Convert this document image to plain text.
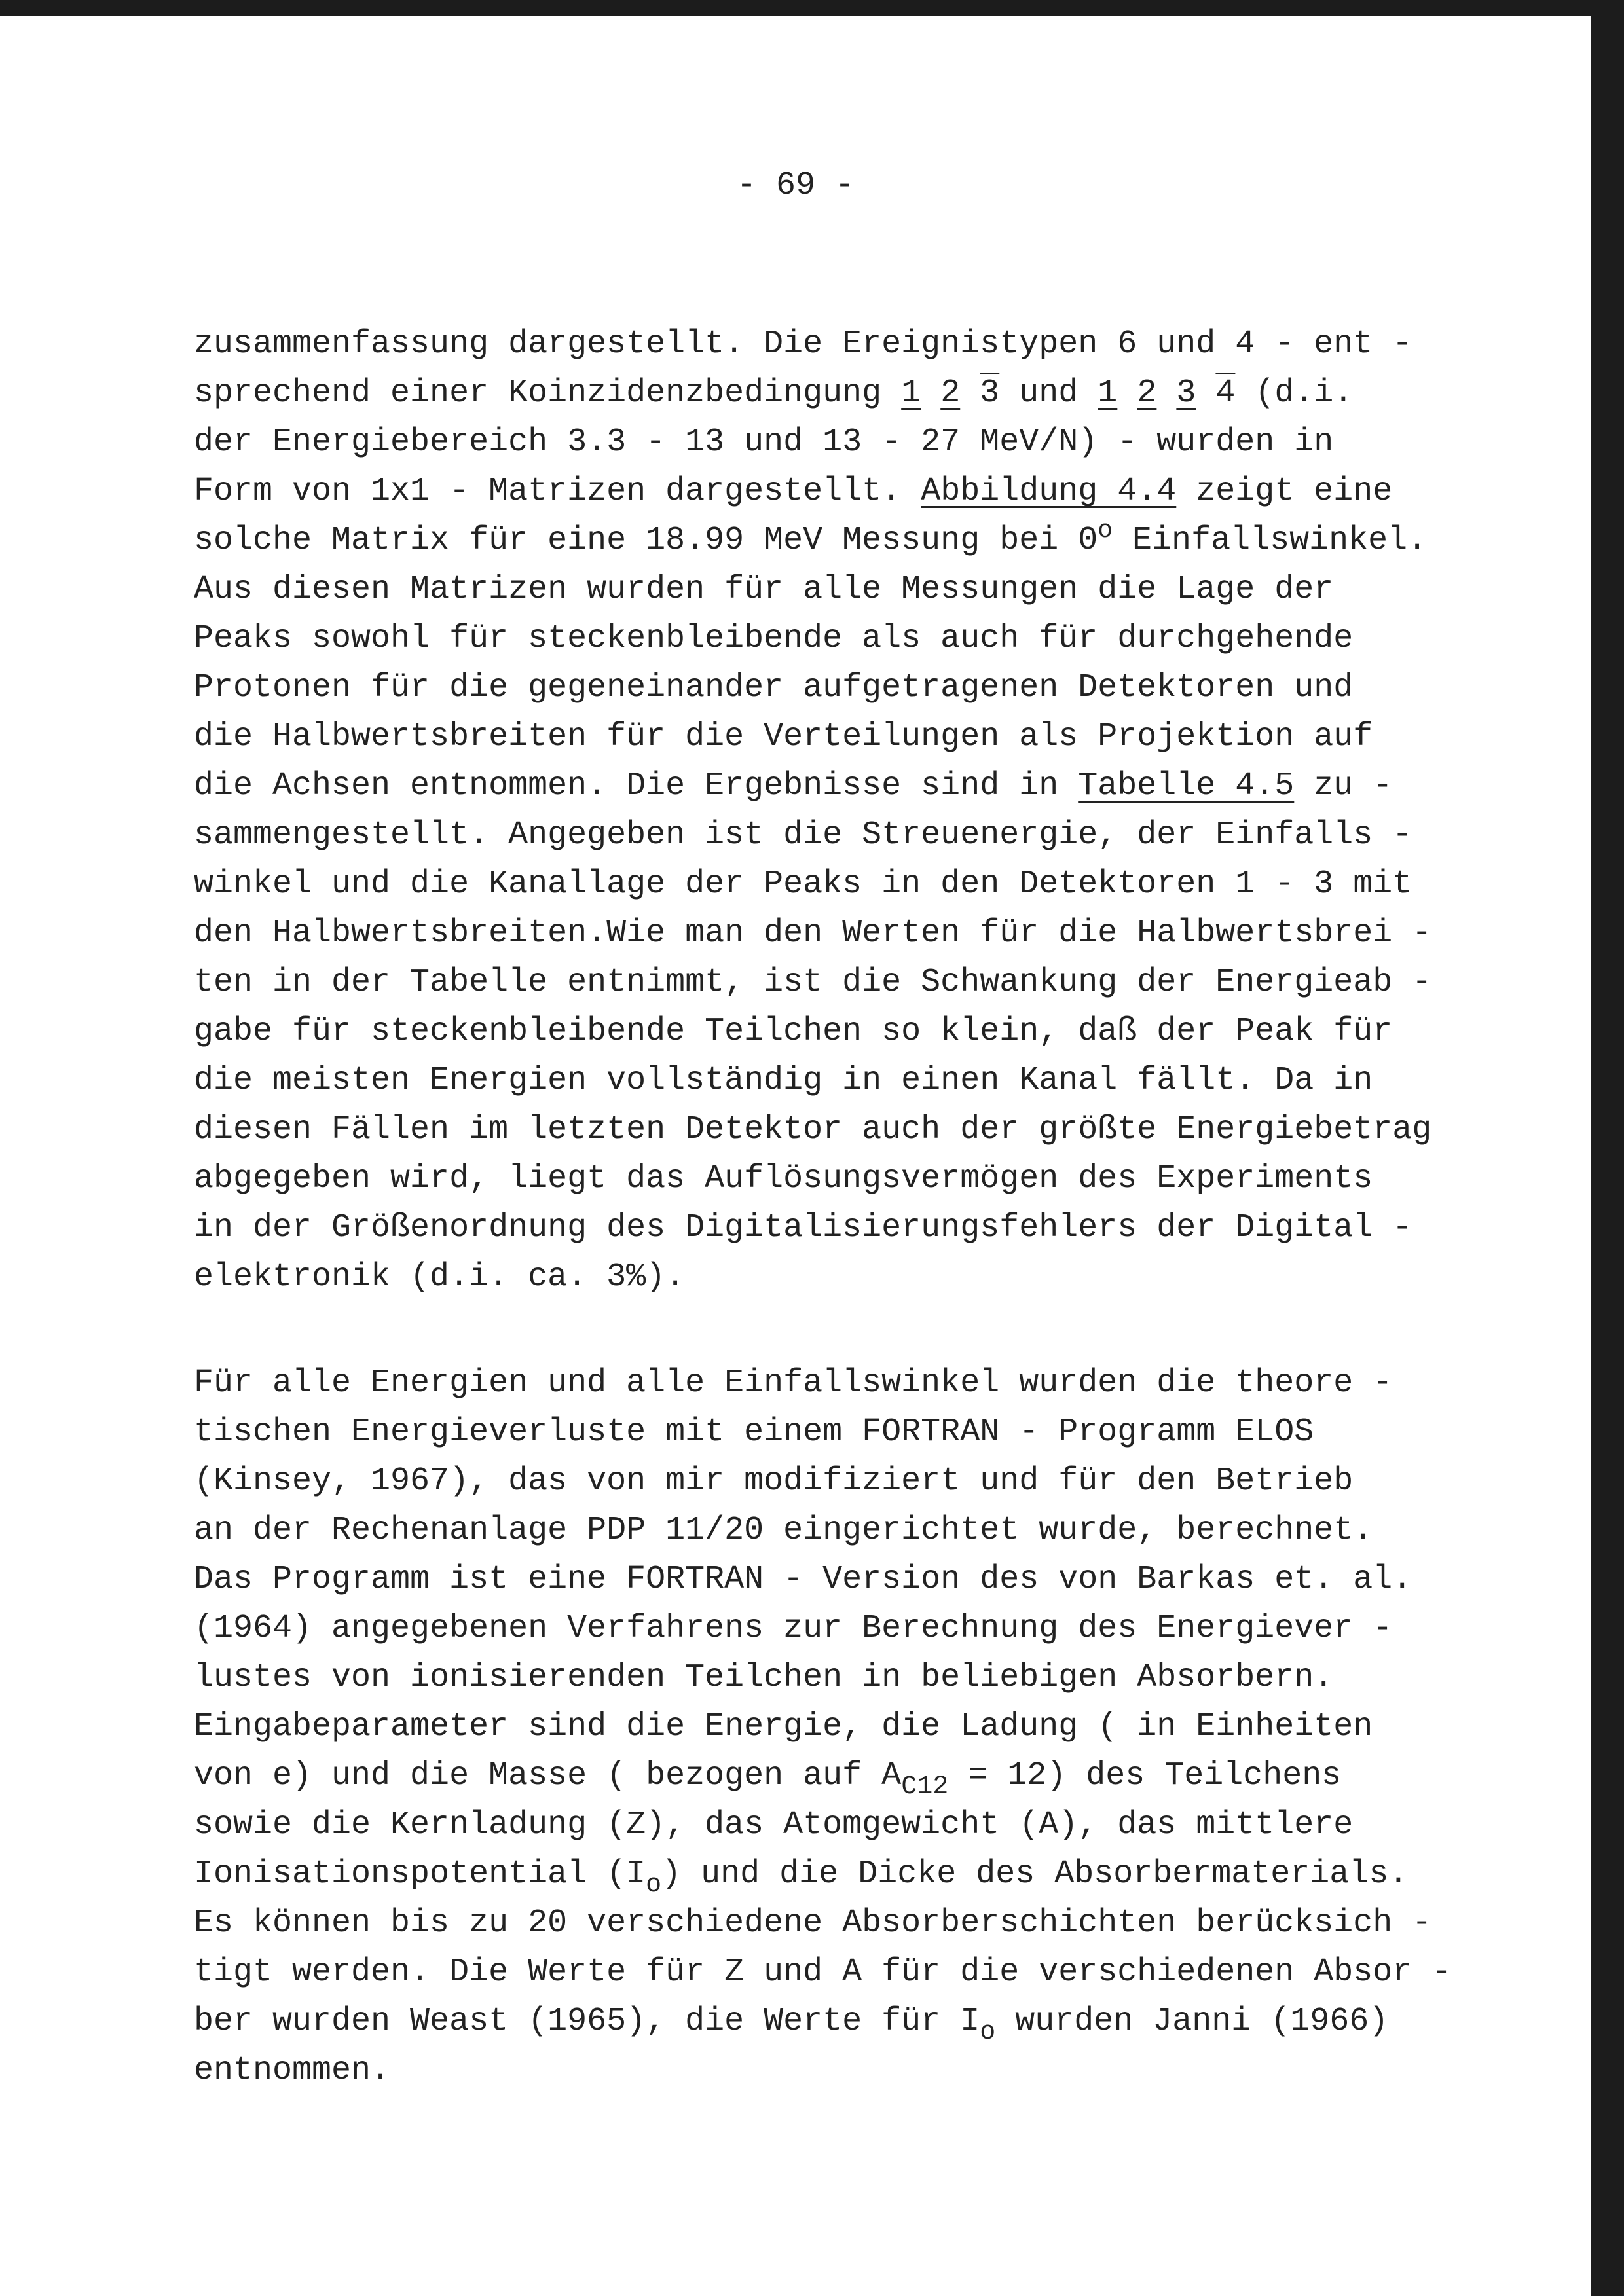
- 69 -
zusammenfassung dargestellt. Die Ereignistypen 6 und 4 - ent -
sprechend einer Koinzidenzbedingung 1 2 3 und 1 2 3 4 (d.i.
der Energiebereich 3.3 - 13 und 13 - 27 MeV/N) - wurden in
Form von 1x1 - Matrizen dargestellt. Abbildung 4.4 zeigt eine
solche Matrix für eine 18.99 MeV Messung bei 0$^o$ Einfallswinkel.
Aus diesen Matrizen wurden für alle Messungen die Lage der
Peaks sowohl für steckenbleibende als auch für durchgehende
Protonen für die gegeneinander aufgetragenen Detektoren und
die Halbwertsbreiten für die Verteilungen als Projektion auf
die Achsen entnommen. Die Ergebnisse sind in Tabelle 4.5 zu -
sammengestellt. Angegeben ist die Streuenergie, der Einfalls -
winkel und die Kanallage der Peaks in den Detektoren 1 - 3 mit
den Halbwertsbreiten.Wie man den Werten für die Halbwertsbrei -
ten in der Tabelle entnimmt, ist die Schwankung der Energieab -
gabe für steckenbleibende Teilchen so klein, daß der Peak für
die meisten Energien vollständig in einen Kanal fällt. Da in
diesen Fällen im letzten Detektor auch der größte Energiebetrag
abgegeben wird, liegt das Auflösungsvermögen des Experiments
in der Größenordnung des Digitalisierungsfehlers der Digital -
elektronik (d.i. ca. 3%).
Für alle Energien und alle Einfallswinkel wurden die theore -
tischen Energieverluste mit einem FORTRAN - Programm ELOS
(Kinsey, 1967), das von mir modifiziert und für den Betrieb
an der Rechenanlage PDP 11/20 eingerichtet wurde, berechnet.
Das Programm ist eine FORTRAN - Version des von Barkas et. al.
(1964) angegebenen Verfahrens zur Berechnung des Energiever -
lustes von ionisierenden Teilchen in beliebigen Absorbern.
Eingabeparameter sind die Energie, die Ladung ( in Einheiten
von e) und die Masse ( bezogen auf $A_{C12} = 12$) des Teilchens
sowie die Kernladung (Z), das Atomgewicht (A), das mittlere
Ionisationspotential $(I_o)$ und die Dicke des Absorbermaterials.
Es können bis zu 20 verschiedene Absorberschichten berücksich -
tigt werden. Die Werte für Z und A für die verschiedenen Absor -
ber wurden Weast (1965), die Werte für $I_o$ wurden Janni (1966)
entnommen.
